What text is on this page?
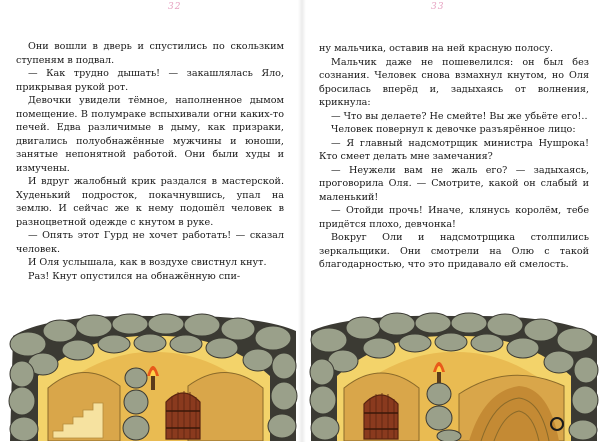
32

Они вошли в дверь и спустились по скользким ступеням в подвал.

— Как трудно дышать! — закашлялась Яло, прикрывая рукой рот.

Девочки увидели тёмное, наполненное дымом помещение. В полумраке вспыхивали огни каких-то печей. Едва различимые в дыму, как призраки, двигались полуобнажённые мужчины и юноши, занятые непонятной работой. Они были худы и измучены.

И вдруг жалобный крик раздался в мастерской. Худенький подросток, покачнувшись, упал на землю. И сейчас же к нему подошёл человек в разноцветной одежде с кнутом в руке.

— Опять этот Гурд не хочет работать! — сказал человек.

И Оля услышала, как в воздухе свистнул кнут.

Раз! Кнут опустился на обнажённую спи-

33

ну мальчика, оставив на ней красную полосу.

Мальчик даже не пошевелился: он был без сознания. Человек снова взмахнул кнутом, но Оля бросилась вперёд и, задыхаясь от волнения, крикнула:

— Что вы делаете? Не смейте! Вы же убьёте его!..

Человек повернул к девочке разъярённое лицо:

— Я главный надсмотрщик министра Нушрока! Кто смеет делать мне замечания?

— Неужели вам не жаль его? — задыхаясь, проговорила Оля. — Смотрите, какой он слабый и маленький!

— Отойди прочь! Иначе, клянусь королём, тебе придётся плохо, девчонка!

Вокруг Оли и надсмотрщика столпились зеркальщики. Они смотрели на Олю с такой благодарностью, что это придавало ей смелость.
